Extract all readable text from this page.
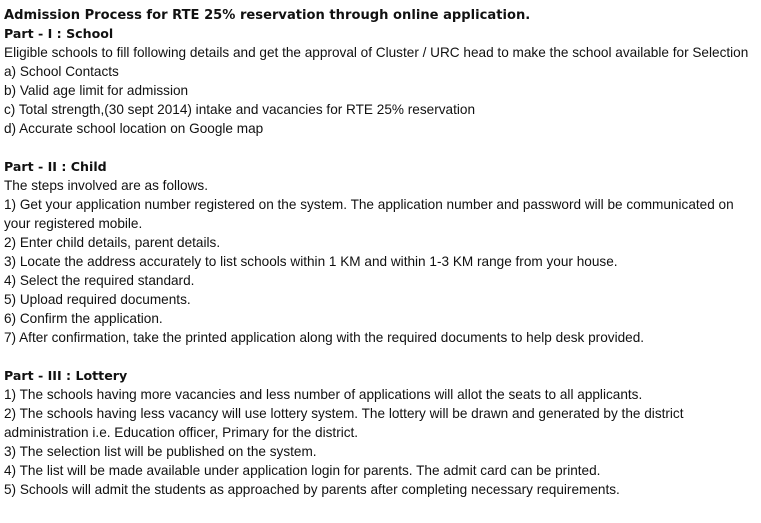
Admission Process for RTE 25% reservation through online application.
Part - I : School

Eligible schools to fill following details and get the approval of Cluster / URC head to make the school available for Selection

a) School Contacts
b) Valid age limit for admission
c) Total strength,(30 sept 2014) intake and vacancies for RTE 25% reservation
d) Accurate school location on Google map
Part - II : Child

The steps involved are as follows.

1) Get your application number registered on the system. The application number and password will be communicated on your registered mobile.
2) Enter child details, parent details.
3) Locate the address accurately to list schools within 1 KM and within 1-3 KM range from your house.
4) Select the required standard.
5) Upload required documents.
6) Confirm the application.
7) After confirmation, take the printed application along with the required documents to help desk provided.
Part - III : Lottery
1) The schools having more vacancies and less number of applications will allot the seats to all applicants.
2) The schools having less vacancy will use lottery system. The lottery will be drawn and generated by the district administration i.e. Education officer, Primary for the district.
3) The selection list will be published on the system.
4) The list will be made available under application login for parents. The admit card can be printed.
5) Schools will admit the students as approached by parents after completing necessary requirements.
